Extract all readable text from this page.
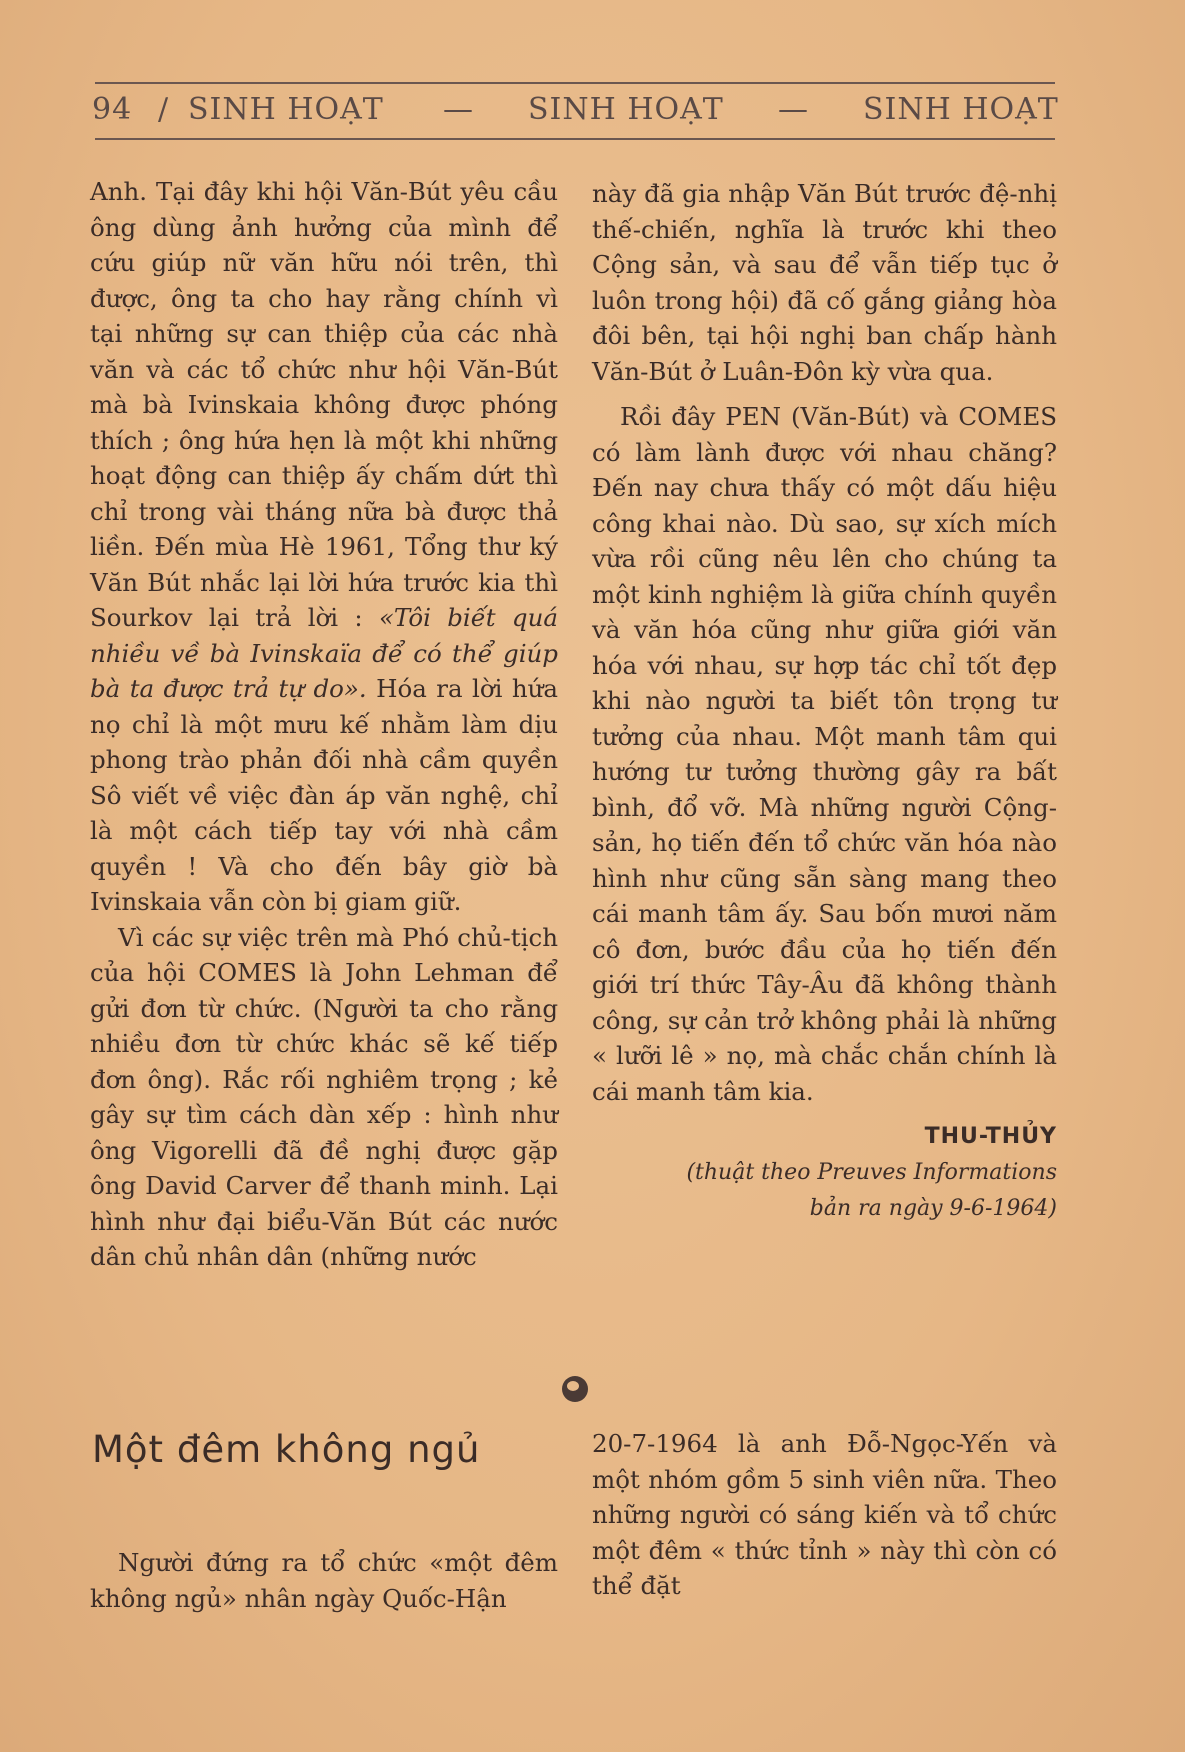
94 / SINH HOẠT — SINH HOẠT — SINH HOẠT

Anh. Tại đây khi hội Văn-Bút yêu cầu ông dùng ảnh hưởng của mình để cứu giúp nữ văn hữu nói trên, thì được, ông ta cho hay rằng chính vì tại những sự can thiệp của các nhà văn và các tổ chức như hội Văn-Bút mà bà Ivinskaia không được phóng thích ; ông hứa hẹn là một khi những hoạt động can thiệp ấy chấm dứt thì chỉ trong vài tháng nữa bà được thả liền. Đến mùa Hè 1961, Tổng thư ký Văn Bút nhắc lại lời hứa trước kia thì Sourkov lại trả lời : «Tôi biết quá nhiều về bà Ivinskaïa để có thể giúp bà ta được trả tự do». Hóa ra lời hứa nọ chỉ là một mưu kế nhằm làm dịu phong trào phản đối nhà cầm quyền Sô viết về việc đàn áp văn nghệ, chỉ là một cách tiếp tay với nhà cầm quyền ! Và cho đến bây giờ bà Ivinskaia vẫn còn bị giam giữ.

Vì các sự việc trên mà Phó chủ-tịch của hội COMES là John Lehman để gửi đơn từ chức. (Người ta cho rằng nhiều đơn từ chức khác sẽ kế tiếp đơn ông). Rắc rối nghiêm trọng ; kẻ gây sự tìm cách dàn xếp : hình như ông Vigorelli đã đề nghị được gặp ông David Carver để thanh minh. Lại hình như đại biểu-Văn Bút các nước dân chủ nhân dân (những nước

này đã gia nhập Văn Bút trước đệ-nhị thế-chiến, nghĩa là trước khi theo Cộng sản, và sau để vẫn tiếp tục ở luôn trong hội) đã cố gắng giảng hòa đôi bên, tại hội nghị ban chấp hành Văn-Bút ở Luân-Đôn kỳ vừa qua.

Rồi đây PEN (Văn-Bút) và COMES có làm lành được với nhau chăng? Đến nay chưa thấy có một dấu hiệu công khai nào. Dù sao, sự xích mích vừa rồi cũng nêu lên cho chúng ta một kinh nghiệm là giữa chính quyền và văn hóa cũng như giữa giới văn hóa với nhau, sự hợp tác chỉ tốt đẹp khi nào người ta biết tôn trọng tư tưởng của nhau. Một manh tâm qui hướng tư tưởng thường gây ra bất bình, đổ vỡ. Mà những người Cộng-sản, họ tiến đến tổ chức văn hóa nào hình như cũng sẵn sàng mang theo cái manh tâm ấy. Sau bốn mươi năm cô đơn, bước đầu của họ tiến đến giới trí thức Tây-Âu đã không thành công, sự cản trở không phải là những « lưỡi lê » nọ, mà chắc chắn chính là cái manh tâm kia.

THU-THỦY
(thuật theo Preuves Informations
bản ra ngày 9-6-1964)
Một đêm không ngủ

Người đứng ra tổ chức «một đêm không ngủ» nhân ngày Quốc-Hận

20-7-1964 là anh Đỗ-Ngọc-Yến và một nhóm gồm 5 sinh viên nữa. Theo những người có sáng kiến và tổ chức một đêm « thức tỉnh » này thì còn có thể đặt
